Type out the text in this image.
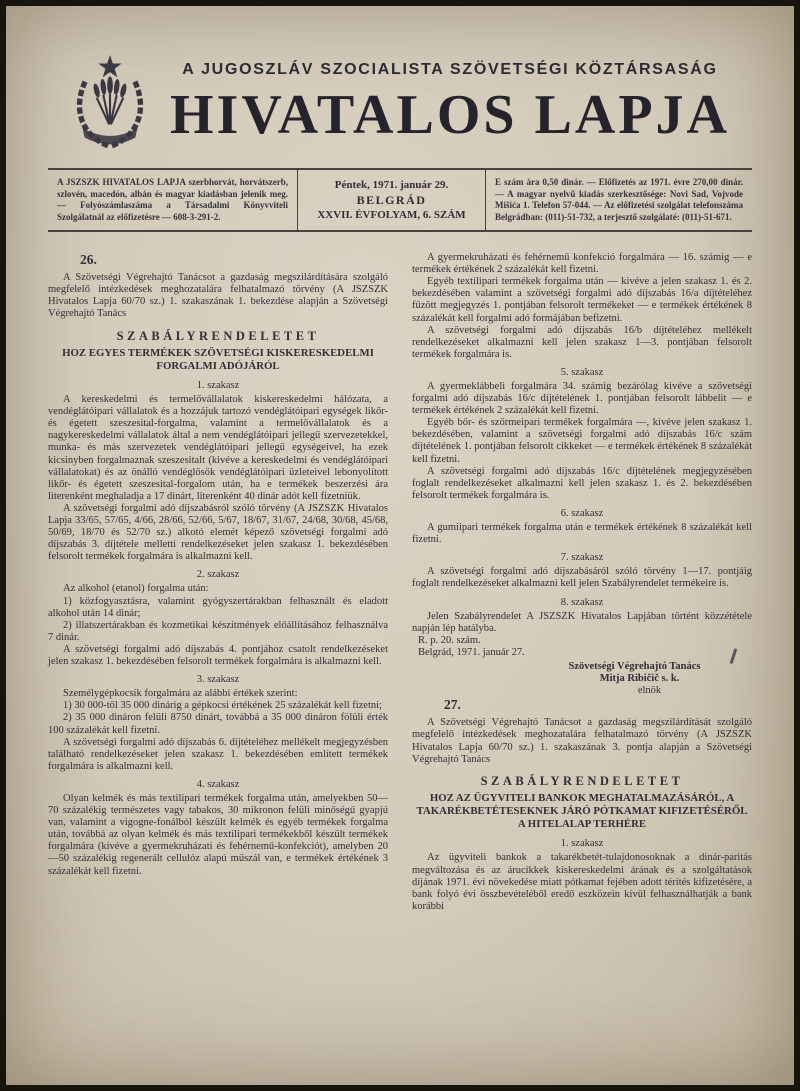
A JUGOSZLÁV SZOCIALISTA SZÖVETSÉGI KÖZTÁRSASÁG
HIVATALOS LAPJA
A JSZSZK HIVATALOS LAPJA szerbhorvát, horvátszerb, szlovén, macedón, albán és magyar kiadásban jelenik meg. — Folyószámlaszáma a Társadalmi Könyvviteli Szolgálatnál az előfizetésre — 608-3-291-2.
Péntek, 1971. január 29.
BELGRÁD
XXVII. ÉVFOLYAM, 6. SZÁM
E szám ára 0,50 dinár. — Előfizetés az 1971. évre 270,00 dinár. — A magyar nyelvű kiadás szerkesztősége: Novi Sad, Vojvode Mišića 1. Telefon 57-044. — Az előfizetési szolgálat telefonszáma Belgrádban: (011)-51-732, a terjesztő szolgálaté: (011)-51-671.

26.

A Szövetségi Végrehajtó Tanácsot a gazdaság megszilárdítására szolgáló megfelelő intézkedések meghozatalára felhatalmazó törvény (A JSZSZK Hivatalos Lapja 60/70 sz.) 1. szakaszának 1. bekezdése alapján a Szövetségi Végrehajtó Tanács

SZABÁLYRENDELETET

HOZ EGYES TERMÉKEK SZÖVETSÉGI KISKERESKEDELMI FORGALMI ADÓJÁRÓL

1. szakasz

A kereskedelmi és termelővállalatok kiskereskedelmi hálózata, a vendéglátóipari vállalatok és a hozzájuk tartozó vendéglátóipari egységek likőr- és égetett szeszesital-forgalma, valamint a termelővállalatok és a nagykereskedelmi vállalatok által a nem vendéglátóipari jellegű szervezetekkel, munka- és más szervezetek vendéglátóipari jellegű egységeivel, ha ezek kicsinyben forgalmaznak szeszesitalt (kivéve a kereskedelmi és vendéglátóipari vállalatokat) és az önálló vendéglősök vendéglátóipari üzleteivel lebonyolított likőr- és égetett szeszesital-forgalom után, ha e termékek beszerzési ára literenként meghaladja a 17 dinárt, literenként 40 dinár adót kell fizetniük.

A szövetségi forgalmi adó díjszabásról szóló törvény (A JSZSZK Hivatalos Lapja 33/65, 57/65, 4/66, 28/66, 52/66, 5/67, 18/67, 31/67, 24/68, 30/68, 45/68, 50/69, 18/70 és 52/70 sz.) alkotó elemét képező szövetségi forgalmi adó díjszabás 3. díjtétele melletti rendelkezéseket jelen szakasz 1. bekezdésében felsorolt termékek forgalmára is alkalmazni kell.

2. szakasz

Az alkohol (etanol) forgalma után:

1) közfogyasztásra, valamint gyógyszertárakban felhasznált és eladott alkohol után 14 dinár;

2) illatszertárakban és kozmetikai készítmények előállításához felhasználva 7 dinár.

A szövetségi forgalmi adó díjszabás 4. pontjához csatolt rendelkezéseket jelen szakasz 1. bekezdésében felsorolt termékek forgalmára is alkalmazni kell.

3. szakasz

Személygépkocsik forgalmára az alábbi értékek szerint:

1) 30 000-től 35 000 dinárig a gépkocsi értékének 25 százalékát kell fizetni;

2) 35 000 dináron felüli 8750 dinárt, továbbá a 35 000 dináron fölüli érték 100 százalékát kell fizetni.

A szövetségi forgalmi adó díjszabás 6. díjtételéhez mellékelt megjegyzésben található rendelkezéseket jelen szakasz 1. bekezdésében említett termékek forgalmára is alkalmazni kell.

4. szakasz

Olyan kelmék és más textilipari termékek forgalma után, amelyekben 50—70 százalékig természetes vagy tabakos, 30 mikronon felüli minőségű gyapjú van, valamint a vigogne-fonálból készült kelmék és egyéb termékek forgalma után, továbbá az olyan kelmék és más textilipari termékekből készült termékek forgalmára (kivéve a gyermekruházati és fehérnemű-konfekciót), amelyben 20—50 százalékig regenerált cellulóz alapú műszál van, e termékek értékének 3 százalékát kell fizetni.

A gyermekruházati és fehérnemű konfekció forgalmára — 16. számig — e termékek értékének 2 százalékát kell fizetni.

Egyéb textilipari termékek forgalma után — kivéve a jelen szakasz 1. és 2. bekezdésében valamint a szövetségi forgalmi adó díjszabás 16/a díjtételéhez fűzött megjegyzés 1. pontjában felsorolt termékeket — e termékek értékének 8 százalékát kell forgalmi adó formájában befizetni.

A szövetségi forgalmi adó díjszabás 16/b díjtételéhez mellékelt rendelkezéseket alkalmazni kell jelen szakasz 1—3. pontjában felsorolt termékek forgalmára is.

5. szakasz

A gyermeklábbeli forgalmára 34. számig bezárólag kivéve a szövetségi forgalmi adó díjszabás 16/c díjtételének 1. pontjában felsorolt lábbelit — e termékek értékének 2 százalékát kell fizetni.

Egyéb bőr- és szőrmeipari termékek forgalmára —, kivéve jelen szakasz 1. bekezdésében, valamint a szövetségi forgalmi adó díjszabás 16/c szám díjtételének 1. pontjában felsorolt cikkeket — e termékek értékének 8 százalékát kell fizetni.

A szövetségi forgalmi adó díjszabás 16/c díjtételének megjegyzésében foglalt rendelkezéseket alkalmazni kell jelen szakasz 1. és 2. bekezdésében felsorolt termékek forgalmára is.

6. szakasz

A gumiipari termékek forgalma után e termékek értékének 8 százalékát kell fizetni.

7. szakasz

A szövetségi forgalmi adó díjszabásáról szóló törvény 1—17. pontjáig foglalt rendelkezéseket alkalmazni kell jelen Szabályrendelet termékeire is.

8. szakasz

Jelen Szabályrendelet A JSZSZK Hivatalos Lapjában történt közzététele napján lép hatályba.

R. p. 20. szám.

Belgrád, 1971. január 27.

Szövetségi Végrehajtó Tanács

Mitja Ribičič s. k.

elnök

27.

A Szövetségi Végrehajtó Tanácsot a gazdaság megszilárdítását szolgáló megfelelő intézkedések meghozatalára felhatalmazó törvény (A JSZSZK Hivatalos Lapja 60/70 sz.) 1. szakaszának 3. pontja alapján a Szövetségi Végrehajtó Tanács

SZABÁLYRENDELETET

HOZ AZ ÜGYVITELI BANKOK MEGHATALMAZÁSÁRÓL, A TAKARÉKBETÉTESEKNEK JÁRÓ PÓTKAMAT KIFIZETÉSÉRŐL A HITELALAP TERHÉRE

1. szakasz

Az ügyviteli bankok a takarékbetét-tulajdonosoknak a dinár-paritás megváltozása és az árucikkek kiskereskedelmi árának és a szolgáltatások díjának 1971. évi növekedése miatt pótkamat fejében adott térítés kifizetésére, a bank folyó évi összbevételéből eredő eszközein kívül felhasználhatják a bank korábbi
